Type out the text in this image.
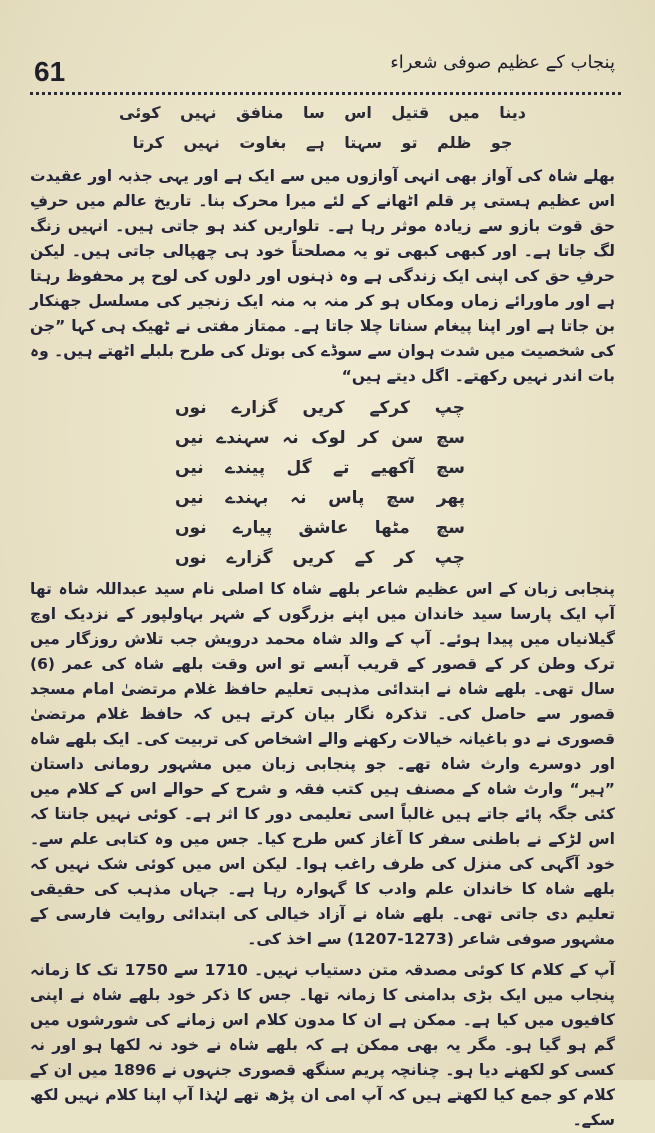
61	پنجاب کے عظیم صوفی شعراء

دینا میں قتیل اس سا منافق نہیں کوئی

جو ظلم تو سہتا ہے بغاوت نہیں کرتا

بھلے شاہ کی آواز بھی انہی آوازوں میں سے ایک ہے اور یہی جذبہ اور عقیدت اس عظیم ہستی پر قلم اٹھانے کے لئے میرا محرک بنا۔ تاریخ عالم میں حرفِ حق قوت بازو سے زیادہ موثر رہا ہے۔ تلواریں کند ہو جاتی ہیں۔ انہیں زنگ لگ جاتا ہے۔ اور کبھی کبھی تو یہ مصلحتاً خود ہی چھپالی جاتی ہیں۔ لیکن حرفِ حق کی اپنی ایک زندگی ہے وہ ذہنوں اور دلوں کی لوح پر محفوظ رہتا ہے اور ماورائے زماں ومکاں ہو کر منہ بہ منہ ایک زنجیر کی مسلسل جھنکار بن جاتا ہے اور اپنا پیغام سناتا چلا جاتا ہے۔ ممتاز مفتی نے ٹھیک ہی کہا ”جن کی شخصیت میں شدت ہوان سے سوڈے کی بوتل کی طرح بلبلے اٹھتے ہیں۔ وہ بات اندر نہیں رکھتے۔ اگل دیتے ہیں“

چپ
کرکے
کریں
گزارے
نوں
سچ
سن
کر
لوک
نہ
سہندے
نیں
سچ
آکھیے
تے
گل
پیندے
نیں
پھر
سچ
پاس
نہ
بہندے
نیں
سچ
مٹھا
عاشق
پیارے
نوں
چپ
کر
کے
کریں
گزارے
نوں

پنجابی زبان کے اس عظیم شاعر بلھے شاہ کا اصلی نام سید عبداللہ شاہ تھا آپ ایک پارسا سید خاندان میں اپنے بزرگوں کے شہر بہاولپور کے نزدیک اوچ گیلانیاں میں پیدا ہوئے۔ آپ کے والد شاہ محمد درویش جب تلاش روزگار میں ترک وطن کر کے قصور کے قریب آبسے تو اس وقت بلھے شاہ کی عمر (6) سال تھی۔ بلھے شاہ نے ابتدائی مذہبی تعلیم حافظ غلام مرتضیٰ امام مسجد قصور سے حاصل کی۔ تذکرہ نگار بیان کرتے ہیں کہ حافظ غلام مرتضیٰ قصوری نے دو باغیانہ خیالات رکھنے والے اشخاص کی تربیت کی۔ ایک بلھے شاہ اور دوسرے وارث شاہ تھے۔ جو پنجابی زبان میں مشہور رومانی داستان ”ہیر“ وارث شاہ کے مصنف ہیں کتب فقہ و شرح کے حوالے اس کے کلام میں کئی جگہ پائے جاتے ہیں غالباً اسی تعلیمی دور کا اثر ہے۔ کوئی نہیں جانتا کہ اس لڑکے نے باطنی سفر کا آغاز کس طرح کیا۔ جس میں وہ کتابی علم سے۔ خود آگہی کی منزل کی طرف راغب ہوا۔ لیکن اس میں کوئی شک نہیں کہ بلھے شاہ کا خاندان علم وادب کا گہوارہ رہا ہے۔ جہاں مذہب کی حقیقی تعلیم دی جاتی تھی۔ بلھے شاہ نے آزاد خیالی کی ابتدائی روایت فارسی کے مشہور صوفی شاعر (1273-1207) سے اخذ کی۔

آپ کے کلام کا کوئی مصدقہ متن دستیاب نہیں۔ 1710 سے 1750 تک کا زمانہ پنجاب میں ایک بڑی بدامنی کا زمانہ تھا۔ جس کا ذکر خود بلھے شاہ نے اپنی کافیوں میں کیا ہے۔ ممکن ہے ان کا مدون کلام اس زمانے کی شورشوں میں گم ہو گیا ہو۔ مگر یہ بھی ممکن ہے کہ بلھے شاہ نے خود نہ لکھا ہو اور نہ کسی کو لکھنے دیا ہو۔ چنانچہ پریم سنگھ قصوری جنہوں نے 1896 میں ان کے کلام کو جمع کیا لکھتے ہیں کہ آپ امی ان پڑھ تھے لہٰذا آپ اپنا کلام نہیں لکھ سکے۔
